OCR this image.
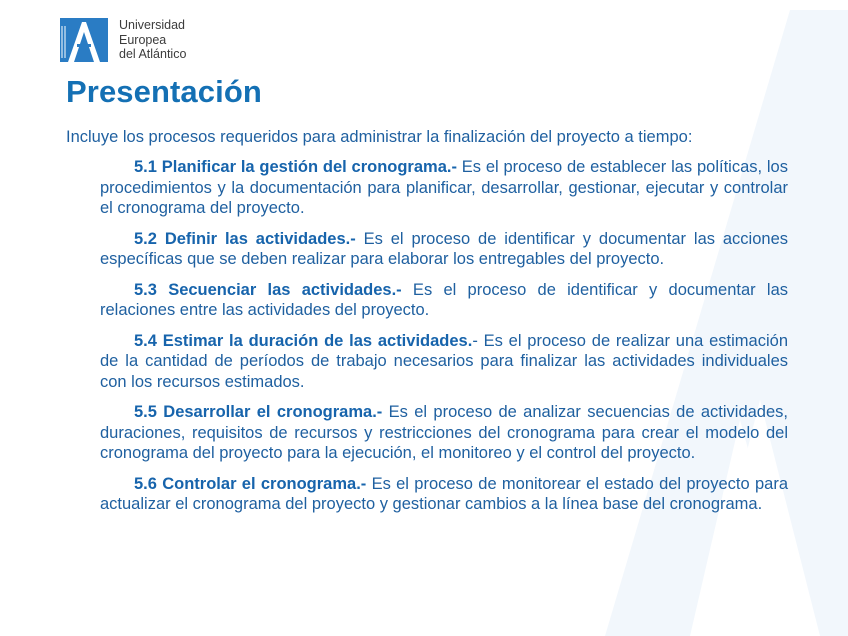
Universidad
Europea
del Atlántico
Presentación

Incluye los procesos requeridos para administrar la finalización del proyecto a tiempo:

5.1 Planificar la gestión del cronograma.- Es el proceso de establecer las políticas, los procedimientos y la documentación para planificar, desarrollar, gestionar, ejecutar y controlar el cronograma del proyecto.

5.2 Definir las actividades.- Es el proceso de identificar y documentar las acciones específicas que se deben realizar para elaborar los entregables del proyecto.

5.3 Secuenciar las actividades.- Es el proceso de identificar y documentar las relaciones entre las actividades del proyecto.

5.4 Estimar la duración de las actividades.- Es el proceso de realizar una estimación de la cantidad de períodos de trabajo necesarios para finalizar las actividades individuales con los recursos estimados.

5.5 Desarrollar el cronograma.- Es el proceso de analizar secuencias de actividades, duraciones, requisitos de recursos y restricciones del cronograma para crear el modelo del cronograma del proyecto para la ejecución, el monitoreo y el control del proyecto.

5.6 Controlar el cronograma.- Es el proceso de monitorear el estado del proyecto para actualizar el cronograma del proyecto y gestionar cambios a la línea base del cronograma.
